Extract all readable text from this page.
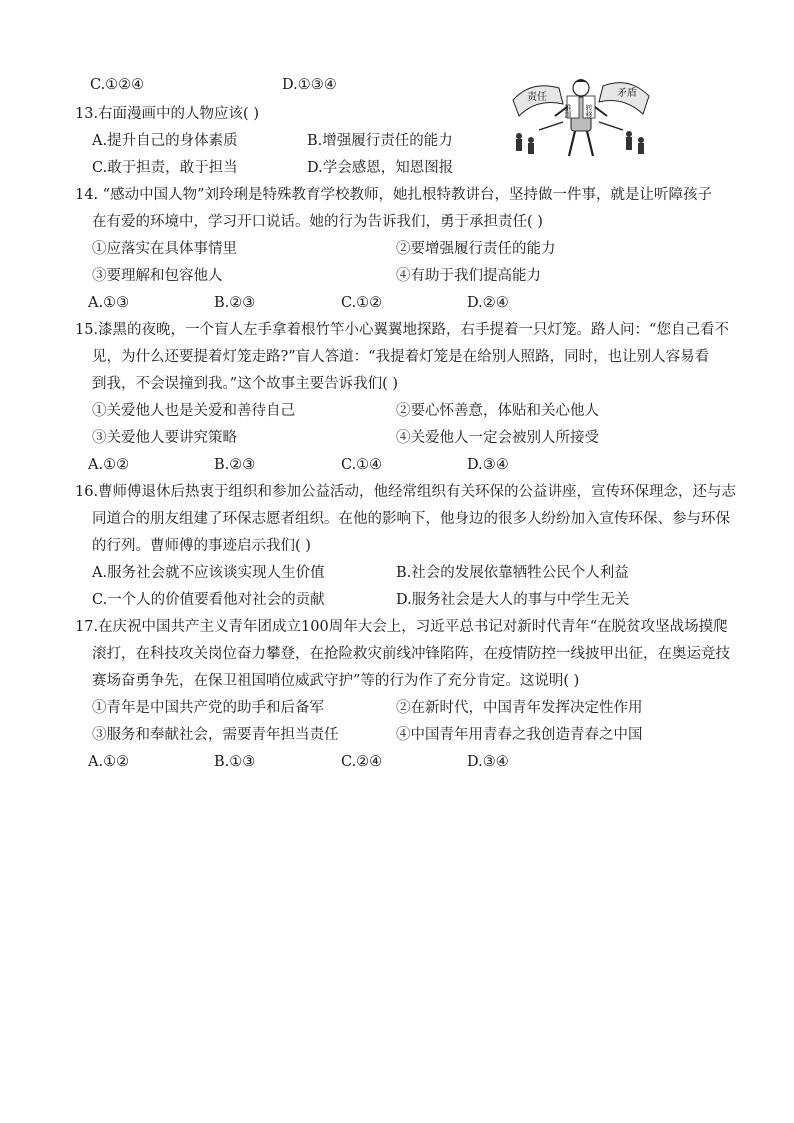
C.①②④	D.①③④
责任
推卸 转移
矛盾
13.右面漫画中的人物应该( )
A.提升自己的身体素质	B.增强履行责任的能力
C.敢于担责，敢于担当	D.学会感恩，知恩图报
14. “感动中国人物”刘玲琍是特殊教育学校教师，她扎根特教讲台，坚持做一件事，就是让听障孩子
在有爱的环境中，学习开口说话。她的行为告诉我们，勇于承担责任( )
①应落实在具体事情里	②要增强履行责任的能力
③要理解和包容他人	④有助于我们提高能力
A.①③	B.②③	C.①②	D.②④
15.漆黑的夜晚，一个盲人左手拿着根竹竿小心翼翼地探路，右手提着一只灯笼。路人问：“您自己看不
见，为什么还要提着灯笼走路?”盲人答道：“我提着灯笼是在给别人照路，同时，也让别人容易看
到我，不会误撞到我。”这个故事主要告诉我们( )
①关爱他人也是关爱和善待自己	②要心怀善意，体贴和关心他人
③关爱他人要讲究策略	④关爱他人一定会被别人所接受
A.①②	B.②③	C.①④	D.③④
16.曹师傅退休后热衷于组织和参加公益活动，他经常组织有关环保的公益讲座，宣传环保理念，还与志
同道合的朋友组建了环保志愿者组织。在他的影响下，他身边的很多人纷纷加入宣传环保、参与环保
的行列。曹师傅的事迹启示我们( )
A.服务社会就不应该谈实现人生价值	B.社会的发展依靠牺牲公民个人利益
C.一个人的价值要看他对社会的贡献	D.服务社会是大人的事与中学生无关
17.在庆祝中国共产主义青年团成立100周年大会上，习近平总书记对新时代青年“在脱贫攻坚战场摸爬
滚打，在科技攻关岗位奋力攀登，在抢险救灾前线冲锋陷阵，在疫情防控一线披甲出征，在奥运竞技
赛场奋勇争先，在保卫祖国哨位威武守护”等的行为作了充分肯定。这说明( )
①青年是中国共产党的助手和后备军	②在新时代，中国青年发挥决定性作用
③服务和奉献社会，需要青年担当责任	④中国青年用青春之我创造青春之中国
A.①②	B.①③	C.②④	D.③④
